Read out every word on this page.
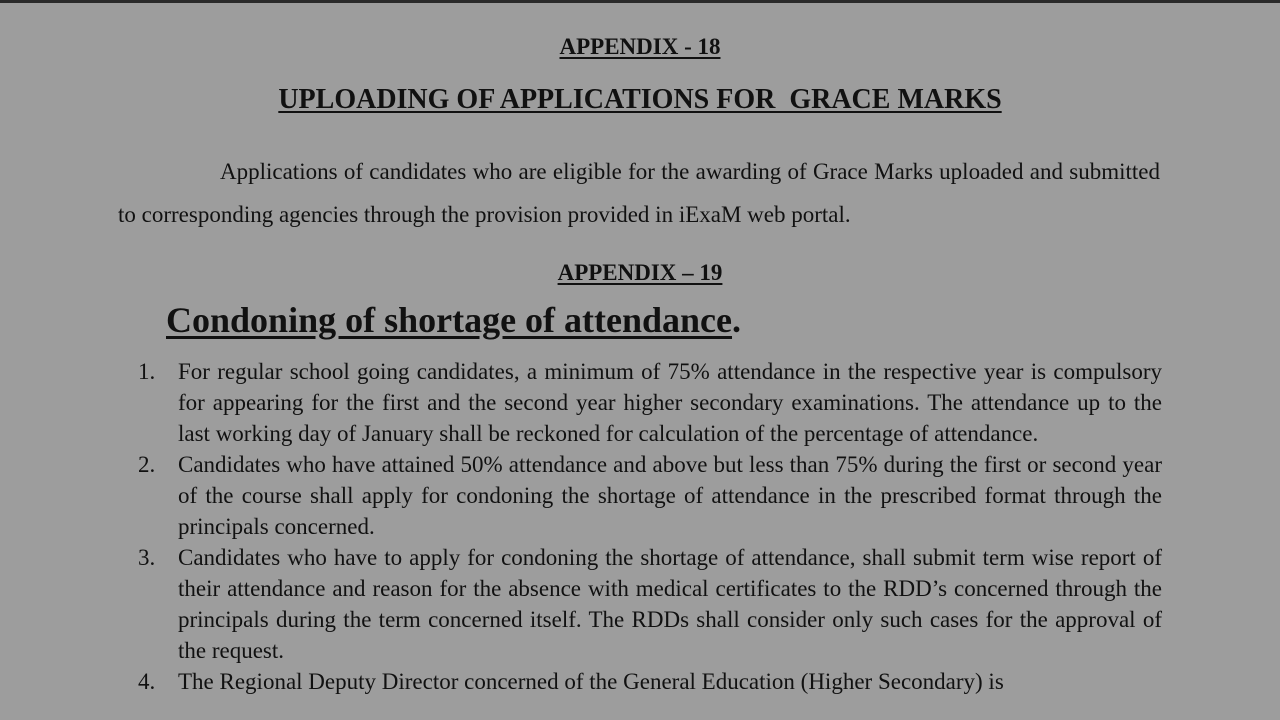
APPENDIX - 18
UPLOADING OF APPLICATIONS FOR  GRACE MARKS

Applications of candidates who are eligible for the awarding of Grace Marks uploaded and submitted to corresponding agencies through the provision provided in iExaM web portal.

APPENDIX – 19
Condoning of shortage of attendance.
1. For regular school going candidates, a minimum of 75% attendance in the respective year is compulsory for appearing for the first and the second year higher secondary examinations. The attendance up to the last working day of January shall be reckoned for calculation of the percentage of attendance.
2. Candidates who have attained 50% attendance and above but less than 75% during the first or second year of the course shall apply for condoning the shortage of attendance in the prescribed format through the principals concerned.
3. Candidates who have to apply for condoning the shortage of attendance, shall submit term wise report of their attendance and reason for the absence with medical certificates to the RDD’s concerned through the principals during the term concerned itself. The RDDs shall consider only such cases for the approval of the request.
4. The Regional Deputy Director concerned of the General Education (Higher Secondary) is
